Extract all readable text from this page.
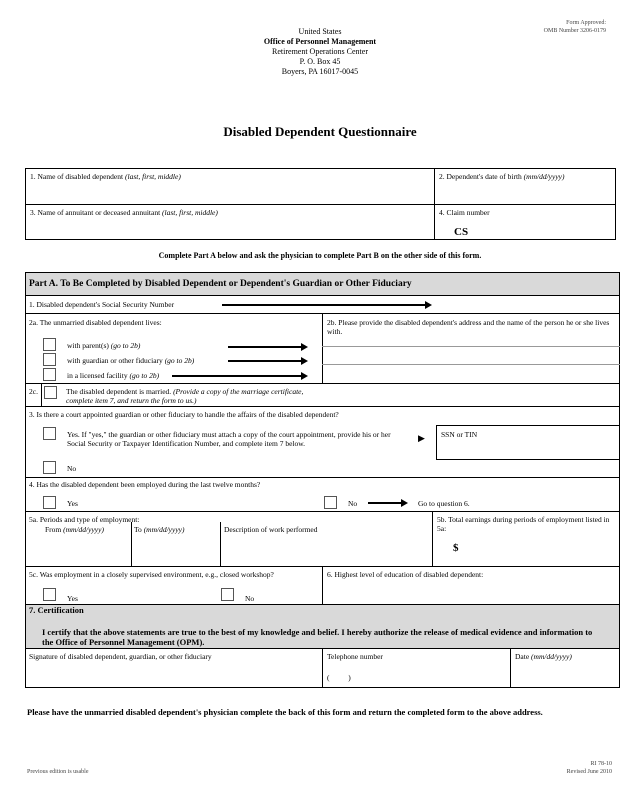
United States
Office of Personnel Management
Retirement Operations Center
P. O. Box 45
Boyers, PA 16017-0045
Form Approved:
OMB Number 3206-0179
Disabled Dependent Questionnaire
1. Name of disabled dependent (last, first, middle)	2. Dependent's date of birth (mm/dd/yyyy)
3. Name of annuitant or deceased annuitant (last, first, middle)	4. Claim number
CS
Complete Part A below and ask the physician to complete Part B on the other side of this form.
Part A. To Be Completed by Disabled Dependent or Dependent's Guardian or Other Fiduciary
1. Disabled dependent's Social Security Number
2a. The unmarried disabled dependent lives:
with parent(s) (go to 2b)
with guardian or other fiduciary (go to 2b)
in a licensed facility (go to 2b)
2b. Please provide the disabled dependent's address and the name of the person he or she lives with.
2c.	The disabled dependent is married. (Provide a copy of the marriage certificate, complete item 7, and return the form to us.)
3. Is there a court appointed guardian or other fiduciary to handle the affairs of the disabled dependent?
Yes. If "yes," the guardian or other fiduciary must attach a copy of the court appointment, provide his or her Social Security or Taxpayer Identification Number, and complete item 7 below.
▶ SSN or TIN
No
4. Has the disabled dependent been employed during the last twelve months?
Yes	No	Go to question 6.
5a. Periods and type of employment:
From (mm/dd/yyyy)	To (mm/dd/yyyy)	Description of work performed
5b. Total earnings during periods of employment listed in 5a:
$
5c. Was employment in a closely supervised environment, e.g., closed workshop?
Yes	No
6. Highest level of education of disabled dependent:
7. Certification
I certify that the above statements are true to the best of my knowledge and belief. I hereby authorize the release of medical evidence and information to the Office of Personnel Management (OPM).
Signature of disabled dependent, guardian, or other fiduciary	Telephone number
(          )
Date (mm/dd/yyyy)
Please have the unmarried disabled dependent's physician complete the back of this form and return the completed form to the above address.
Previous edition is usable
RI 78-10
Revised June 2010
